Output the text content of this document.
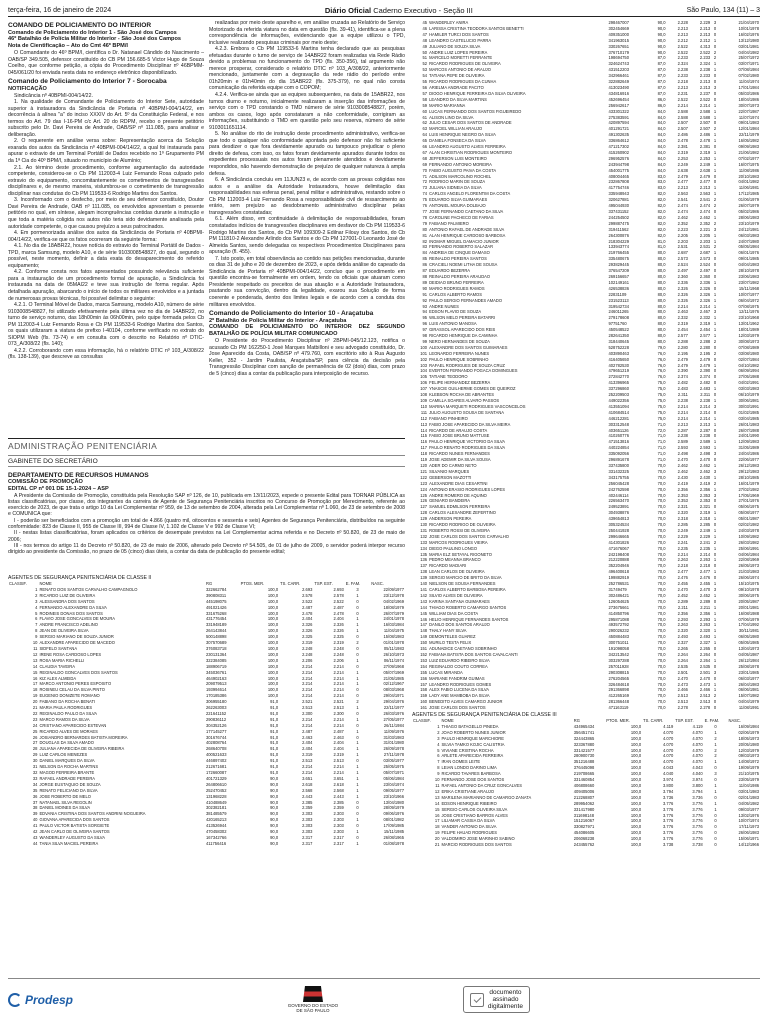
terça-feira, 16 de janeiro de 2024	Diário Oficial Caderno Executivo - Seção III	São Paulo, 134 (11) – 3
COMANDO DE POLICIAMENTO DO INTERIOR
Comando de Policiamento do Interior 1 - São José dos Campos
46º Batalhão de Polícia Militar do Interior - São José dos Campos
Nota de Cientificação – Ato do Cmt 46º BPM/I

O Comandante do 46º BPM/I, científica o Dr. Natanael Cândido do Nascimento – OAB/SP 349.505, defensor constituído do CB PM 156.685-5 Victor Hugo de Souza Coelho, que conforme petição, a cópia do Procedimento Disciplinar nº 46BPMM-045/061/20 foi enviada nesta data no endereço eletrônico disponibilizado.

Comando de Policiamento do Interior 7 - Sorocaba
NOTIFICAÇÃO

Sindicância nº 40BPMI-004/14/22.

1. Na qualidade de Comandante de Policiamento do Interior Sete, autoridade superior à instauradora da Sindicância de Portaria nº 40BPMI-004/14/22, em decorrência à alínea "a" do inciso XXXIV do Art. 5º da Constituição Federal, e nos termos do Art. 79 das I-16-PM c/c Art. 20 do RDPM, recebo o presente petitório subscrito pelo Dr. Davi Pereira de Andrade, OAB/SP nº 111.085, para analisar e deliberação.

2. O requerente em análise versa sobre: Representação acerca da Solução exarada dos autos da Sindicância nº 40BPMI-004/14/22, a qual foi instaurada para apurar o extravio de um Terminal Portátil de Dados recebido no 1º Grupamento PM da 1ª Cia do 40º BPM/I, situado no município de Alumínio;

2.1. Ao término deste procedimento, conforme argumentação da autoridade competente, considerou-se o Cb PM 112003-4 Luiz Fernando Rosa culpado pelo extravio do equipamento, concomitantemente os cometimentos de transgressões disciplinares e, de mesmo maneira, vislumbrou-se o cometimento de transgressão disciplinar nas condutas do Cb PM 119533-6 Rodrigo Martins dos Santos.

3. Inconformado com o desfecho, por meio de seu defensor constituído, Doutor Davi Pereira de Andrade, OAB nº 111.085, os envolvidos apresentam o presente petitório no qual, em síntese, alegam incongruências contidas durante a instrução e que toda a matéria coligida nos autos não teria sido devidamente analisada pela autoridade competente, o que causou prejuízo a seus patrocinados.

4. Em pormenorizada análise dos autos da Sindicância de Portaria nº 40BPMI-004/14/22, verifica-se que os fatos ocorreram da seguinte forma:

4.1. No dia de 18ABR22, houve notícia do extravio do Terminal Portátil de Dados - TPD, marca Samsung, modelo A10, e de série 9103008548827, do qual, segundo o possível, neste momento, definir a data exata do desaparecimento do referido equipamento;

4.2. Conforme consta nos fatos apresentados possuindo relevância suficiente para a instauração de um procedimento formal de apuração, a Sindicância foi instaurada na data de 05MAI22 e teve sua instrução de forma regular. Após detalhada apuração, abarcando o início de todos os militares envolvidos e a juntada de numerosas provas técnicas, foi possível delimitar o seguinte:

4.2.1. O Terminal Móvel de Dados, marca Samsung, modelo A10, número de série 9103008548827, foi utilizado efetivamente pela última vez no dia de 14ABR22, no turno de serviço noturno, das 18h00min às 06h00min, pelo quipe formada pelos Cb PM 112003-4 Luiz Fernando Rosa e Cb PM 119533-6 Rodrigo Martins dos Santos, os quais utilizaram a viatura de prefixo I-40104, conforme verificado no extrato do SIOPM Web (fls. 73-74) e em consulta com o descrito no Relatório nº DTIC-073_A/308/22 (fls. 140);

4.2.2. Corroborando com essa informação, há o relatório DTIC nº 103_A/308/22 (fls. 138-139), que descreve as consultas

realizadas por meio deste aparelho e, em análise cruzada ao Relatório de Serviço Motorizado da referida viatura no data em questão (fls. 39-41), identifica-se a plena correspondência de informações, evidenciando que a equipe utilizou o TPD, inclusive realizando pesquisas criminais por meio deste;

4.2.3. Embora o Cb PM 119533-6 Martins tenha declarado que as pesquisas efetuadas durante o turno de serviço de 14ABR22 foram realizadas via Rede Rádio devido a problemas no funcionamento do TPD (fls. 350-356), tal argumento não merece prosperar, considerado o relatório DTIC nº 103_A/308/22, anteriormente mencionado, juntamente com a degravação da rede rádio do período entre 01h20min e 01h40min do dia 15ABR22 (fls. 375-379), no qual não consta comunicação da referida equipe com o COPOM;

4.2.4. Verifica-se ainda que as equipes subsequentes, na data de 15ABR22, nos turnos diurno e noturno, inicialmente realizaram a inserção das informações de serviço com o TPD constando o TMD número de série 9103008548827, porém, ambos os casos, logo após constataram a não conformidade, corrigiram as informações, substituindo o TMD em questão pelo seu reserva, número de série 9103011651114.

5. No análise do rito de instrução deste procedimento administrativo, verifica-se que todo o qualquer não conformidade apontada pelo defensor não foi suficiente para desdizer o que fora devidamente apurado ou tampouco prejudicar o pleno direito de defesa, com isso, os fatos foram devidamente apurados durante todos os expedientes processuais nos autos foram plenamente atendidos e devidamente respondidos, não havendo demonstração de prejuízo de qualquer natureza à ampla defesa.

6. A Sindicância concluiu em 11JUN23 e, de acordo com as provas coligidas nos autos e a análise da Autoridade Instauradora, houve delimitação das responsabilidades nas esferas penal, penal militar e administrativa, restando sobre o Cb PM 112003-4 Luiz Fernando Rosa a responsabilidade civil de ressarcimento ao erário, sem prejuízo ao desdobramento administrativo disciplinar pelas transgressões constatadas;

6.1. Além disso, em continuidade à delimitação de responsabilidades, foram constatados indícios de transgressões disciplinares em desfavor do Cb PM 119533-6 Rodrigo Martins dos Santos, do Cb PM 109309-2 Edilnar Filouy dos Santos, do Cb PM 111810-2 Alexandre Arlindo dos Santos e do Cb PM 127001-0 Leonardo José de Almeida Santos, sendo delegadas os respectivos Procedimentos Disciplinares para apuração (fl. 455).

7. Isto posto, em total observância ao contido nas petições mencionadas, durante os dias 31 de julho e 20 de dezembro de 2023, e após detida análise do capeado da Sindicância de Portaria nº 40BPMI-004/14/22, concluo que o procedimento em questão encontra-se formalmente em ordem, tendo os oficiais que atuaram como Presidente respeitado os preceitos de sua atuação e a Autoridade Instauradora, pautando sua convicção, dentro da legalidade, exarou sua Solução de forma coerente e ponderada, dentro dos limites legais e de acordo com a conduta dos militares envolvidos.

Comando de Policiamento do Interior 10 - Araçatuba
2º Batalhão de Polícia Militar do Interior - Araçatuba
COMANDO DE POLICIAMENTO DO INTERIOR DEZ SEGUNDO BATALHÃO DE POLÍCIA MILITAR COMUNICADO

O Presidente do Procedimento Disciplinar nº 2BPMI-045/12.123, notifica o acusado Cb PM 162250-1 José Marques Matbilloni e seu advogado constituído, Dr. Jose Aparecido da Costa, OAB/SP nº 479.760, com escritório sito à Rua Augusto Keller, 352 - Jardim Paulista, Araçatuba/SP, para ciência da decisão pela Transgressão Disciplinar com sanção de permanência de 02 (dois) dias, com prazo de 5 (cinco) dias a contar da publicação para interposição de recurso.

ADMINISTRAÇÃO PENITENCIÁRIA
GABINETE DO SECRETÁRIO
DEPARTAMENTO DE RECURSOS HUMANOS
COMISSÃO DE PROMOÇÃO
EDITAL CP nº 001 DE 15-1-2024 – ASP

A Presidente da Comissão de Promoção, constituída pela Resolução SAP nº 126, de 10, publicada em 13/11/2023, expede o presente Edital para TORNAR PÚBLICA as listas classificatórias, por classe, dos integrantes da carreira de Agente de Segurança Penitenciária inscritos no Concurso de Promoção por Merecimento, referente ao exercício de 2023, de que trata o artigo 10 da Lei Complementar nº 959, de 13 de setembro de 2004, alterada pela Lei Complementar nº 1.060, de 23 de setembro de 2008 e COMUNICA que:

I - poderão ser beneficiados com a promoção um total de 4.866 (quatro mil, oitocentos e sessenta e seis) Agentes de Segurança Penitenciária, distribuídos na seguinte conformidade: 823 de Classe II, 955 de Classe III, 994 de Classe IV, 1.102 de Classe V e 992 de Classe VI;

II - nestas listas classificatórias, foram aplicados os critérios de desempate previstos na Lei Complementar acima referida e no Decreto nº 50.820, de 23 de maio de 2006;

III - nos termos do artigo 11 do Decreto nº 50.820, de 23 de maio de 2006, alterado pelo Decreto nº 54.505, de 01 de julho de 2009, o servidor poderá interpor recurso dirigido ao presidente da Comissão, no prazo de 05 (cinco) dias úteis, a contar da data de publicação do presente edital;

AGENTES DE SEGURANÇA PENITENCIÁRIA DE CLASSE II
CLASSIF.	NOME	RG	PTOS. MER.	TS. CARR.	TSP. EST.	E. FAM.	NASC.
1	RENATO DOS SANTOS CARVALHO CAMPAGNOLO	322662784	100,0	2.693	2.693	3	22/09/1977
2	RICARDO LUIZ DE OLIVEIRA	390808311	100,0	2.578	2.578	1	23/12/1978
3	ALESSANDRA DOS SANTOS	445198075	100,0	2.522	2.522	0	04/02/1969
4	FERNANDO ALEXANDRE DA SILVA	491021426	100,0	2.487	2.487	0	18/08/1979
5	RODINEIS DONAS DOS SANTOS	331675268	100,0	2.478	2.478	0	26/07/1979
6	FLAVIO JOSE GONCALVES DE MOURA	431776454	100,0	2.404	2.404	1	24/01/1978
7	ANDRE FRANCISCO ADELINO	331948189	100,0	2.326	2.326	1	16/03/1984
8	JEAN DE OLIVEIRA SILVA	264143844	100,0	2.326	2.326	1	11/04/1975
9	SERGIO MARIANO DE SOUZA JUNIOR	500148898	100,0	2.325	2.325	0	15/08/1983
10	ALEXANDRE APARECIDO DE MACEDO	307570689	100,0	2.319	2.319	2	01/01/1978
11	SIDFELO SANTANA	376083718	100,0	2.248	2.248	0	05/11/1983
12	IRENE ROSA CARDOSO LOPES	230131364	100,0	2.248	2.248	0	26/10/1973
13	ROSA MARIA RICHELLI	322384085	100,0	2.206	2.206	1	06/11/1974
14	CLAUDIA TAVEIRA	188906719	100,0	2.214	2.214	0	27/09/1968
15	REGINALDO GONCALVES DOS SANTOS	345036761	100,0	2.214	2.214	1	05/07/1969
16	KIZ ALEX ALMEIDA	464902163	100,0	2.214	2.214	1	21/05/1985
17	MARCO ANTONIO PERES ESPOSITO	209079513	100,0	2.214	2.214	1	02/12/1967
18	ROSINEU CELAU DA SILVA PINTO	193994614	100,0	2.214	2.214	0	08/03/1968
19	EUGENIO DONIZETE ROMANO	170185386	100,0	2.214	2.214	0	29/04/1971
20	FABIANO DA ROCHA BENATI	306955180	91,0	2.521	2.521	2	29/04/1976
21	MARIA PAULA RODRIGUES	262263003	91,0	2.513	2.513	1	22/11/1977
22	REGINALDO PAULO DA SILVA	221641152	91,0	2.300	2.300	0	26/03/1976
23	MARCO RAMOS DA SILVA	290836112	91,0	2.214	2.214	1	27/05/1977
24	CRISTIANO APARECIDO ESTEVAN	304352126	91,0	2.214	2.214	0	26/11/1984
25	RICARDO ALVES DE MORAES	177145277	91,0	2.487	2.487	1	11/09/1976
26	JOSIANDRO BERNARDES BATISTA MOREIRA	301676744	91,0	2.463	2.463	0	31/03/1983
27	DOUGLAS DA SILVA AMADO	402808764	91,0	2.404	2.404	1	31/01/1980
28	JULIANA APARECIDA DE OLIVEIRA RIBEIRA	268640708	91,0	2.404	2.404	1	26/09/1978
29	LUIZ CARLOS MENEZES	400521633	91,0	2.319	2.319	1	27/11/1978
30	DANIEL MARQUES DA SILVA	446897402	91,0	2.513	2.513	0	03/05/1977
31	NELSON DA ROCHA MARTINS	212671681	91,0	2.214	2.214	1	25/05/1975
32	MAGOD FERREIRA BRANTE	172660087	91,0	2.214	2.214	1	05/07/1971
33	RAFAEL ANDRADE PEREIRA	401721329	90,0	3.651	3.651	1	05/06/1984
34	JORGE EUSTAQUIO DE SOUZA	264806610	90,0	2.618	2.618	1	23/04/1974
35	RENATO FELICIANO DA SILVA	252470452	90,0	2.568	2.568	1	09/05/1977
36	JOSE ROBERTO DE MELO	131968228	90,0	2.443	2.443	1	23/10/1966
37	NATANAEL SILVA REGOLIN	410488649	90,0	2.385	2.385	0	13/04/1980
38	DANIEL MOINES DA SILVA	302382181	90,0	2.359	2.359	0	28/09/1979
39	EDVANIA CRISTINA DOS SANTOS ANDRINI NOGUEIRA	381485579	90,0	2.303	2.303	0	09/06/1976
40	GIOVANA APARECIDA DOS SANTOS	420165213	90,0	2.303	2.303	1	08/01/1982
41	PAULO VICTOR BATISTA SORGIETE	413526944	90,0	2.303	2.303	0	17/09/1985
42	JEAN CARLO DE OLIVEIRA SANTOS	470458302	90,0	2.303	2.303	1	15/11/1985
43	WANDERLEY AUGUSTO DA SILVA	167342766	90,0	2.317	2.317	0	26/08/1965
44	TANIA SILVA MACIEL PEREIRA	411756416	90,0	2.317	2.317	1	01/08/1978
45	WANDERLEY ANIRA	298467007	90,0	2.228	2.229	3	21/04/1970
46	LARISSA CRISTINA TEODORA SANTOS BENETTI	302454669	90,0	2.213	2.213	0	10/01/1978
47	HAMILER TURCI DOS SANTOS	409351000	90,0	2.213	2.213	0	16/02/1976
48	LEANDRO CASTELUCIO PARRA	341963015	90,0	2.212	2.212	1	13/12/1980
49	JULIANO DE SOUZA SILVA	330267651	90,0	2.522	4.313	0	03/01/1981
50	ANDRE LUIZ LOPES PEREIRA	376710179	90,0	2.522	2.522	2	04/04/1982
51	MARCELO MORETTI FERRANTE	198694750	87,0	2.233	2.233	2	25/07/1972
52	RICARDO RODRIGUES DE OLIVEIRA	324624743	87,0	2.324	2.324	1	03/07/1971
53	MARCOS ANTONIO DE ARAUJO	431512203	87,0	2.238	2.238	1	07/08/1984
54	TATIANA PEPE DE OLIVEIRA	342966461	87,0	2.233	2.233	0	07/02/1980
55	RICARDO RODRIGUES DA CUNHA	322882649	87,0	2.218	2.213	0	11/04/1974
56	ARIELMA ANDRADE PACITO	413023490	87,0	2.213	2.213	3	17/01/1984
57	DIOGO HENRIQUE FERREIRA DA SILVA OLIVEIRA	434816916	87,0	2.231	2.237	0	05/03/1986
58	LEANDRO DA SILVA MARTINS	452696454	86,0	2.522	2.522	0	18/04/1986
59	MARIO MARIANNA	256942617	86,0	2.214	2.214	1	30/07/1973
60	LUCAS FERNANDO DOS SANTOS FIGUEIREDO	433301322	84,0	2.588	2.588	1	22/07/1987
61	ALISON LINO DA SILVA	275383591	84,0	2.588	2.588	1	11/07/1974
62	JULIO CESAR DOS SANTOS DE ANDRADE	420897594	84,0	2.507	2.507	0	09/01/1983
63	MARCIEL WILLIAN ARAUJO	401291721	84,0	2.507	2.507	2	12/01/1984
64	LUIS HENRIQUE NEGRO DA SILVA	491302635	84,0	2.486	2.486	1	22/11/1979
65	DANIELA FONSECA DA SILVA	336864612	84,0	2.478	2.478	1	16/05/1982
66	LEANDRO AUGUSTO ALVES FERREIRA	471217302	84,0	2.381	2.381	0	09/09/1983
67	ALAN CHRISTIAN RODRIGUES MONTEIRO	415260902	84,0	2.319	2.319	1	21/06/1982
68	JEFFERSON LUIS MONTEIRO	296952576	84,0	2.253	2.253	1	07/02/1977
69	FERNANDO ANTONIO MOREIRA	243944798	84,0	2.249	2.249	1	16/07/1975
70	FABIO AUGUSTO PAIVA DA COSTA	454001775	84,0	2.638	2.638	1	11/08/1986
71	ADILSON MARCOLINO ROCHEL	408004465	83,0	2.479	2.479	0	20/10/1983
72	RODRIGO MARIN DE SOUZA	232867808	83,0	2.477	2.477	0	04/01/1982
73	JULIANA SIDNEIA DA SILVA	417754746	83,0	2.213	2.213	1	11/06/1981
74	CARLOS ANGELO FLORENTIM DA COSTA	335948943	82,0	2.563	2.563	1	17/12/1985
75	EDUARDO SILVA GUIMARAES	320627881	82,0	2.541	2.541	2	01/06/1979
76	ANTONIEL MOURA DOLBAJO	495044930	82,0	2.474	2.474	2	26/07/1979
77	JOSE FERNANDO CAETANO DA SILVA	337431152	82,0	2.474	2.474	0	05/02/1986
78	CAROLINE PACHECO DE FARIAS	244254502	82,0	2.462	2.462	1	28/06/1983
79	FABIANO PALMIERO	299887475	82,0	2.352	2.352	2	23/10/1979
80	ANTONIO RAFAEL DE ANDRADE SILVA	319411562	82,0	2.223	2.221	3	24/12/1981
81	ALAN HENRIQUE CARDOSO BARBOSA	264300876	82,0	2.205	2.205	1	06/03/1983
82	INGMAR MIGUEL DAMACIO JUNIOR	218304229	81,0	2.203	2.203	1	24/07/1980
83	FERNANDO ROBERTO SALAZAR	133943774	81,0	2.531	2.531	2	05/05/1984
84	ANDREIA DE CINQUE DAMASO	219766455	80,0	2.687	2.687	1	06/01/1976
85	REINALDO PEREIRA SANTOS	335480675	80,0	2.573	2.573	0	09/01/1985
86	CRACIELI NOEMI LITHA DE SOUSA	293829445	80,0	2.524	2.524	0	04/04/1983
87	EDUARDO BEZERRA	376547209	80,0	2.497	2.497	0	28/10/1978
88	REINALDO PEREIRA ARAUDAO	269156657	80,0	2.360	2.360	0	23/06/1983
89	DEIDIAO BRUNO FERREIRA	102149161	80,0	2.336	2.336	1	23/07/1982
90	MARIO RODRIGUES RAMOS	426538836	80,0	2.326	2.326	0	15/11/1968
91	CARLOS ALBERTO RAMOS	22831109	80,0	2.326	2.326	1	10/07/1977
92	PAULO SERGIO FERNANDES AMADO	231523113	80,0	2.326	2.326	1	06/04/1972
93	ANDRE NUNES	319542734	80,0	2.214	2.214	1	07/08/1975
94	EDSON FLAVIO DE SOUZA	246011265	80,0	2.463	2.467	3	12/11/1976
95	WILSON MELO PEREIRA BATARRI	279178608	80,0	2.332	2.332	1	23/10/1968
96	LUIS ANTONIO MANOSA	97751760	80,0	2.319	2.319	1	13/01/1962
97	GIRASSOL APARECIDO DOS REIS	450548522	80,0	2.454	2.454	1	18/01/1989
98	RICARDO HENRIQUE DA CAMINHA	282641350	80,0	2.577	2.577	1	12/03/1979
99	NERO HERNANDES DE SOUZA	318440645	80,0	2.288	2.288	2	30/08/1973
100	ALEXANDRE DOS SANTOS GUIMARAES	528752228	79,0	2.280	2.280	0	07/08/1989
101	LEONARDO FERREIRA NUNES	403890463	76,0	2.195	2.195	2	03/08/1980
102	PAULO HENRIQUE SOBRINHO	416405650	76,0	2.479	2.479	0	02/07/1984
103	RAFAEL RODRIGUES DE SOUZA CRUZ	402782530	76,0	2.479	2.479	1	04/10/1982
104	EVERTON FERNANDO FOGACA DOMINGUES	479651219	76,0	2.390	2.390	0	06/09/1994
105	TATIANE TEODORO	272842770	76,0	2.374	2.374	0	27/05/1988
106	FELIPE HERNANDEZ BEZERRA	413396965	75,0	2.482	2.482	0	04/02/1991
107	YNASCIE GUILHERME GOMES DE QUEIROZ	337296860	75,0	2.483	2.483	1	03/03/1983
108	KLEBSON ROCHA DE ABRANTES	252209503	75,0	2.311	2.311	0	06/10/1979
109	CAMILLA SOARES ALVARO PASSOS	449022356	75,0	2.238	2.238	1	30/06/1981
110	MARINA MARQUETI RODRIGUES VASCONCELOS	413551094	75,0	2.214	2.214	3	30/03/1991
111	JULIO AUGUSTO SOUSA DE SANTANA	410684514	75,0	2.214	2.214	0	01/02/1985
112	FABIANO PINHEIRO	446212281	75,0	2.214	2.214	1	03/04/1985
113	FABIO JOSE APARECIDO DA SILVA MEIRA	303312548	71,0	2.213	2.213	1	26/01/1983
114	RICARDO DE ARAUJO COSTA	403651126	72,0	2.287	2.287	0	26/07/1988
115	FABIO JOSE BRUNO MATTUSE	410260776	71,0	2.238	2.238	0	24/01/1990
116	PAULO HENRIQUE VICTORIO DA SILVA	471513816	71,0	2.589	2.589	1	12/09/1983
117	PAULO RENATO RODRIGUES DA SILVA	440224854	71,0	2.593	2.593	1	31/05/1989
118	RICARDO NUNES FERNANDES	335092056	71,0	2.498	2.498	3	24/04/1986
119	JOSE ADEMIR DA SILVA SOUSA	296891678	71,0	2.470	2.470	0	22/06/1977
120	ADER DO CARMO NETO	337435800	70,0	2.462	2.462	1	26/12/1983
121	SILVANIO MARQUES	331432325	70,0	2.462	2.462	3	29/12/1983
122	GEBERSON MAZOTTI	343175755	70,0	2.430	2.430	1	28/10/1985
123	ALEXANDRE DIAS CESARTINI	256045428	70,0	2.419	2.419	2	16/01/1979
124	ANTONIO ERASIO RODRIGUES LOPES	242762598	70,0	2.356	2.356	1	27/02/1982
125	ANDRE ROMERO DE AQUINO	402446114	70,0	2.353	2.353	3	17/05/1969
126	GENIARO BANDEIRA	226563470	70,0	2.353	2.353	0	27/01/1976
127	SAMUEL EDMILSON FERREIRA	249523891	70,0	2.321	2.321	0	05/06/1975
128	CARLOS ALEXANDRE ZEFERTINO	304938876	70,0	2.320	2.319	1	05/08/1977
129	ANDERSON PEREIRA	439654813	70,0	2.318	2.318	1	05/01/1987
130	RICARDO RODRIGO DE OLIVEIRA	305324534	70,0	2.285	2.285	0	02/02/1982
131	ROBERTO ROSSI DE OLIVEIRA	250441928	70,0	2.249	2.249	1	24/03/1978
132	JOSE CARLOS DOS SANTOS CARVALHO	299646665	70,0	2.229	2.229	1	10/09/1982
133	MARCOS RODRIGUES VIEIRA	414301826	70,0	2.241	2.241	2	26/03/1982
134	DIEGO PAULINO LONGO	471676067	70,0	2.235	2.235	1	25/06/1991
135	MARIA ELZ SETAYAL RIGONETO	242198408	70,0	2.214	2.214	0	04/06/1984
136	PEDRO MEANNA BRANCO	212220888	70,0	2.263	2.263	1	22/08/1969
137	RICARDO MADIARI	352204946	70,0	2.218	2.218	0	26/05/1973
138	LEAN CARLOS DE OLIVEIRA	496400618	70,0	2.477	2.477	1	21/03/1983
139	SERGIO MARCIO DE BRITO DA SILVA	199882919	70,0	2.476	2.476	0	26/06/1974
140	NIELSON DE SOUSA FERNANDES	252786531	70,0	2.455	2.455	1	15/10/1975
141	CARLOS ALBERTO BARBOSA PEREIRA	31749479	70,0	2.470	2.470	3	09/10/1978
142	SILVIO ALVES DE OLIVEIRA	302486421	70,0	2.452	2.452	1	30/06/1975
143	KARINA SANTANA GUIMARAES	126054625	70,0	2.289	2.289	0	20/05/1987
144	THIAGO ROBERTO CAMARGO SANTOS	273675661	70,0	2.211	2.211	1	20/01/1981
145	WILLIAM DIAS DA COSTA	414850796	70,0	2.356	2.356	1	16/08/1988
146	HELIO HENRIQUE FERNANDES SANTOS	295871088	70,0	2.293	2.293	1	07/06/1979
147	DANILO DOS SANTOS ARAUJO	493572792	70,0	2.263	2.263	1	17/04/1992
148	THALY HANY SILVA	290026232	70,0	2.320	2.320	1	30/11/1981
149	DEMONTELES GUAREZ	450884483	70,0	2.493	2.493	1	06/05/1980
150	MURILO TESTA FELIX	300751011	70,0	2.327	2.327	1	05/05/1985
151	ADUNADICE CAETANO SOBRINHO	191098058	70,0	2.265	2.265	0	13/04/1973
152	FABIANA BATISTA DOS SANTOS CAVALCANTI	342213542	70,0	2.264	2.264	0	04/05/1987
153	LUIZ EDUARDO RIBEIRO SILVA	303297288	70,0	2.264	2.264	1	26/12/1984
154	REGINALDO COUTO CORREA	257011928	70,0	2.535	2.535	0	25/08/1978
155	LUCAS MIRANDA	290308815	70,0	2.501	2.501	3	23/01/1985
156	MARIANE FANDRIM GUIMAS	276204565	70,0	2.470	2.470	0	06/03/1977
157	LEANDRO RODRIGUES GOMES	326484618	70,0	2.473	2.473	1	26/04/1983
158	ALEX FABIO LUCENA DA SILVA	291366898	70,0	2.466	2.466	1	06/06/1981
159	LADY ANE MAMBOBA DA SILVA	412265169	70,0	2.513	2.513	2	15/07/1982
160	BENEDITO ALVES CAMARGO JUNIOR	281366448	70,0	2.513	2.513	0	04/04/1979
161	JOSE CARLOS DOS SANTOS	471163119	70,0	2.278	2.278	0	11/08/1991
AGENTES DE SEGURANÇA PENITENCIÁRIA DE CLASSE III
CLASSIF.	NOME	RG	PTOS. MER.	TS. CARR.	TSP. EST.	E. FAM.	NASC.
1	THIAGO BATAGELLO PINEDA	434965434	100,0	4.119	4.119	0	16/09/1984
2	JOAO ROBERTO NUNES JUNIOR	356451741	100,0	4.070	4.070	1	02/06/1979
3	PAULO HENRIQUE MARCHIORE	324443865	100,0	4.070	4.070	2	18/05/1973
4	SILVIA TAMKO KOJIC CALISTRIA	323367880	100,0	4.070	4.070	1	20/05/1980
5	VIVIANE CRISTINA ROCHA	331421577	100,0	4.070	4.070	2	12/03/1979
6	ARLETE APARECIDA FERREIRA	280900730	100,0	4.070	4.070	2	09/03/1973
7	IRAN GOMES LEITE	351216488	100,0	4.070	4.070	1	14/08/1972
8	LEIAN LONDO DARINO LIMA	376445098	100,0	4.043	4.043	0	19/09/1979
9	RICARDO TAVARES BARBOSA	219708665	100,0	4.040	4.040	3	21/10/1975
10	FERNANDO JOSE DOS SANTOS	331460854	100,0	3.974	3.974	0	23/05/1979
11	RAFAEL ANTONIO DA CRUZ GONCALVES	406808660	100,0	3.800	3.800	1	11/04/1986
12	ERIKA CRISTIANE ARAUJO	409405006	100,0	3.794	3.794	1	03/01/1983
13	MARILENA MARIANNO DE CAMARGO ZANATA	212268807	100,0	3.736	3.736	0	02/01/1983
14	EDSON HENRIQUE RIBEIRO	289954062	100,0	3.776	3.776	1	04/05/1982
15	SERGIO CARLOS OLIVEIRA SILVA	331417980	100,0	3.776	3.776	1	09/03/1977
16	JOSE CRISTIANO BARROS ALVES	311698148	100,0	3.776	3.776	0	13/02/1976
17	LILIAMAR CASSIA DA SILVA	151216067	100,0	3.776	3.776	0	10/07/1974
18	VANDER ANTONIO DA SILVA	330827971	100,0	3.776	3.776	0	17/11/1973
19	FELIPE HAUAD RODRIGUES	454086605	100,0	3.776	3.776	0	26/06/1983
20	VALDOMIRO JOSE MARINHO SABINO	206068238	100,0	3.776	3.776	0	15/06/1971
21	MARCIO RODRIGUES DOS SANTOS	243455762	100,0	3.738	3.738	0	14/12/1966
Prodesp	GOVERNO DO ESTADO
DE SÃO PAULO
documento
assinado
digitalmente
